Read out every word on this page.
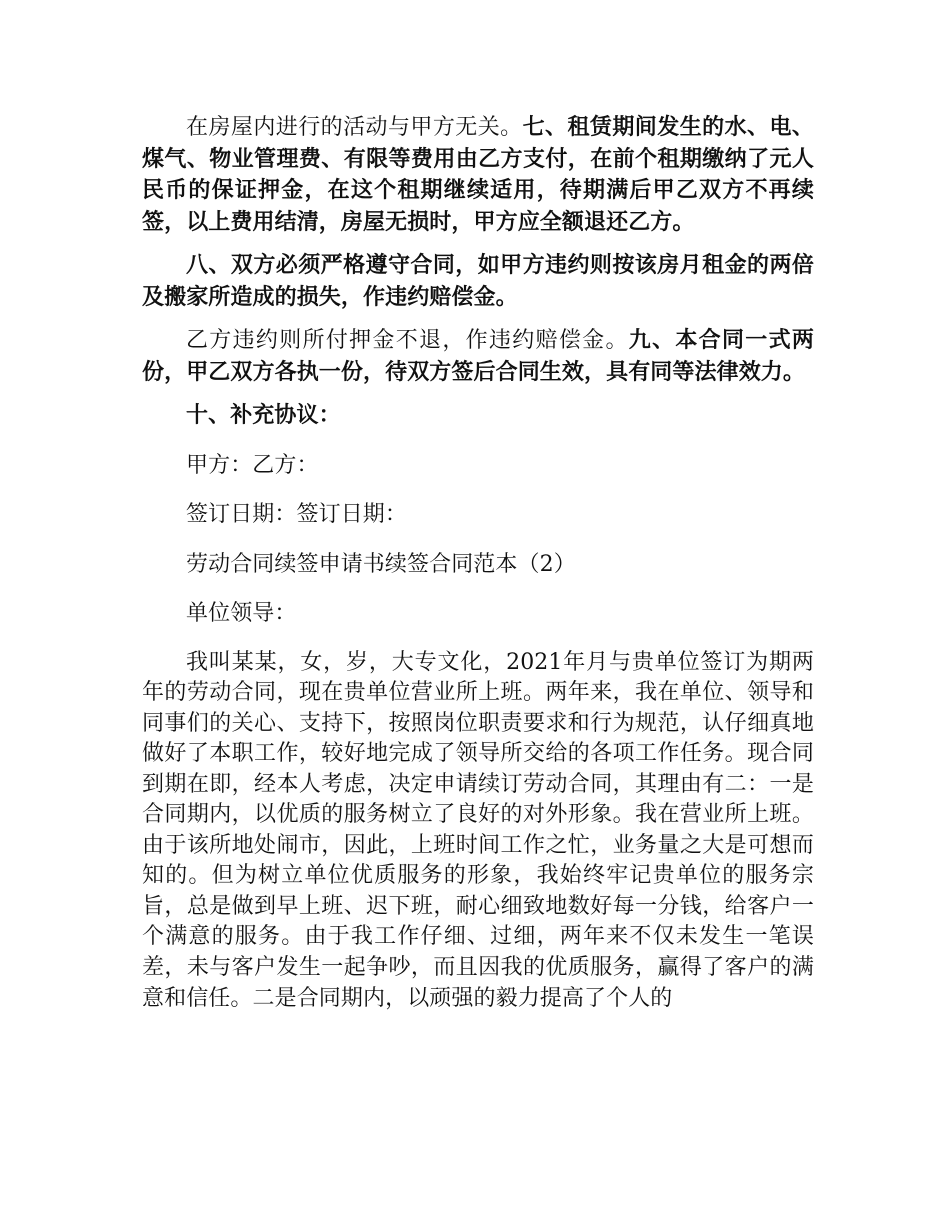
在房屋内进行的活动与甲方无关。七、租赁期间发生的水、电、煤气、物业管理费、有限等费用由乙方支付，在前个租期缴纳了元人民币的保证押金，在这个租期继续适用，待期满后甲乙双方不再续签，以上费用结清，房屋无损时，甲方应全额退还乙方。

八、双方必须严格遵守合同，如甲方违约则按该房月租金的两倍及搬家所造成的损失，作违约赔偿金。

乙方违约则所付押金不退，作违约赔偿金。九、本合同一式两份，甲乙双方各执一份，待双方签后合同生效，具有同等法律效力。

十、补充协议：

甲方：乙方：

签订日期：签订日期：

劳动合同续签申请书续签合同范本（2）

单位领导：

我叫某某，女，岁，大专文化，2021年月与贵单位签订为期两年的劳动合同，现在贵单位营业所上班。两年来，我在单位、领导和同事们的关心、支持下，按照岗位职责要求和行为规范，认仔细真地做好了本职工作，较好地完成了领导所交给的各项工作任务。现合同到期在即，经本人考虑，决定申请续订劳动合同，其理由有二：一是合同期内，以优质的服务树立了良好的对外形象。我在营业所上班。由于该所地处闹市，因此，上班时间工作之忙，业务量之大是可想而知的。但为树立单位优质服务的形象，我始终牢记贵单位的服务宗旨，总是做到早上班、迟下班，耐心细致地数好每一分钱，给客户一个满意的服务。由于我工作仔细、过细，两年来不仅未发生一笔误差，未与客户发生一起争吵，而且因我的优质服务，赢得了客户的满意和信任。二是合同期内，以顽强的毅力提高了个人的
